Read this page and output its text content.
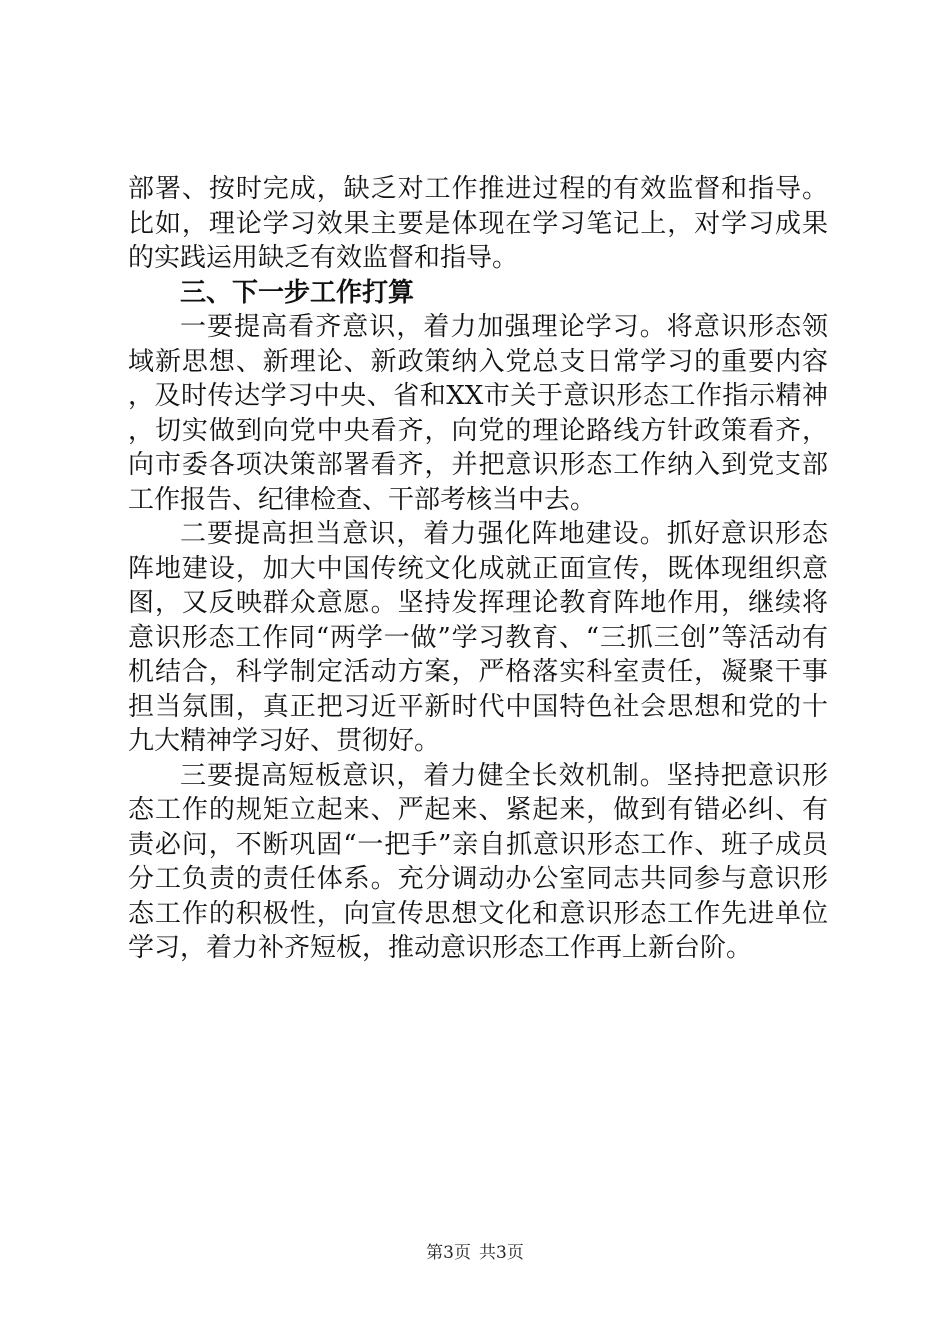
部署、按时完成，缺乏对工作推进过程的有效监督和指导。比如，理论学习效果主要是体现在学习笔记上，对学习成果的实践运用缺乏有效监督和指导。

三、下一步工作打算

一要提高看齐意识，着力加强理论学习。将意识形态领域新思想、新理论、新政策纳入党总支日常学习的重要内容，及时传达学习中央、省和XX市关于意识形态工作指示精神，切实做到向党中央看齐，向党的理论路线方针政策看齐，向市委各项决策部署看齐，并把意识形态工作纳入到党支部工作报告、纪律检查、干部考核当中去。

二要提高担当意识，着力强化阵地建设。抓好意识形态阵地建设，加大中国传统文化成就正面宣传，既体现组织意图，又反映群众意愿。坚持发挥理论教育阵地作用，继续将意识形态工作同“两学一做”学习教育、“三抓三创”等活动有机结合，科学制定活动方案，严格落实科室责任，凝聚干事担当氛围，真正把习近平新时代中国特色社会思想和党的十九大精神学习好、贯彻好。

三要提高短板意识，着力健全长效机制。坚持把意识形态工作的规矩立起来、严起来、紧起来，做到有错必纠、有责必问，不断巩固“一把手”亲自抓意识形态工作、班子成员分工负责的责任体系。充分调动办公室同志共同参与意识形态工作的积极性，向宣传思想文化和意识形态工作先进单位学习，着力补齐短板，推动意识形态工作再上新台阶。

第3页 共3页
